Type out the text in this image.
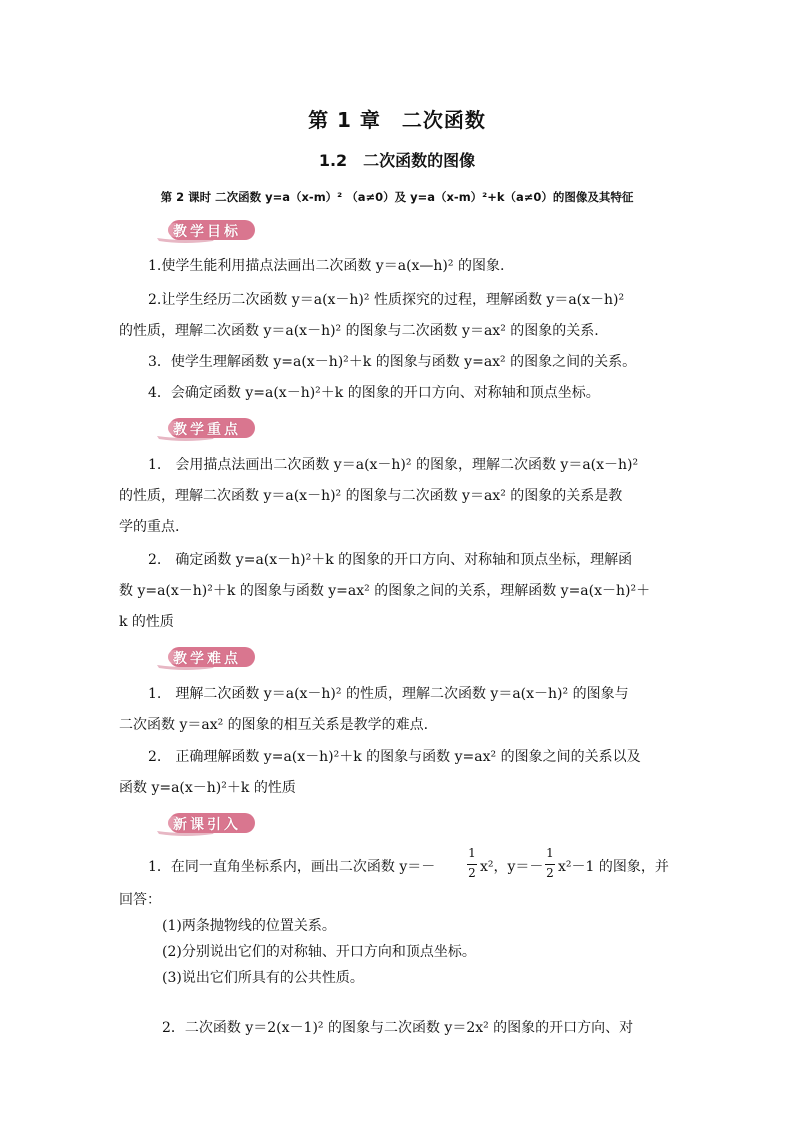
第 1 章　二次函数
1.2　二次函数的图像
第 2 课时 二次函数 y=a（x-m）² （a≠0）及 y=a（x-m）²+k（a≠0）的图像及其特征
教学目标
1.使学生能利用描点法画出二次函数 y＝a(x—h)² 的图象.
2.让学生经历二次函数 y＝a(x－h)² 性质探究的过程，理解函数 y＝a(x－h)²
的性质，理解二次函数 y＝a(x－h)² 的图象与二次函数 y＝ax² 的图象的关系.
3．使学生理解函数 y=a(x－h)²＋k 的图象与函数 y=ax² 的图象之间的关系。
4．会确定函数 y=a(x－h)²＋k 的图象的开口方向、对称轴和顶点坐标。
教学重点
1.　会用描点法画出二次函数 y＝a(x－h)² 的图象，理解二次函数 y＝a(x－h)²
的性质，理解二次函数 y＝a(x－h)² 的图象与二次函数 y＝ax² 的图象的关系是教
学的重点.
2.　确定函数 y=a(x－h)²＋k 的图象的开口方向、对称轴和顶点坐标，理解函
数 y=a(x－h)²＋k 的图象与函数 y=ax² 的图象之间的关系，理解函数 y=a(x－h)²＋
k 的性质
教学难点
1.　理解二次函数 y＝a(x－h)² 的性质，理解二次函数 y＝a(x－h)² 的图象与
二次函数 y＝ax² 的图象的相互关系是教学的难点.
2.　正确理解函数 y=a(x－h)²＋k 的图象与函数 y=ax² 的图象之间的关系以及
函数 y=a(x－h)²＋k 的性质
新课引入
1．在同一直角坐标系内，画出二次函数 y＝－
1
2 x²，y＝－
1
2 x²－1 的图象，并
回答：
(1)两条抛物线的位置关系。
(2)分别说出它们的对称轴、开口方向和顶点坐标。
(3)说出它们所具有的公共性质。
2．二次函数 y＝2(x－1)² 的图象与二次函数 y＝2x² 的图象的开口方向、对
